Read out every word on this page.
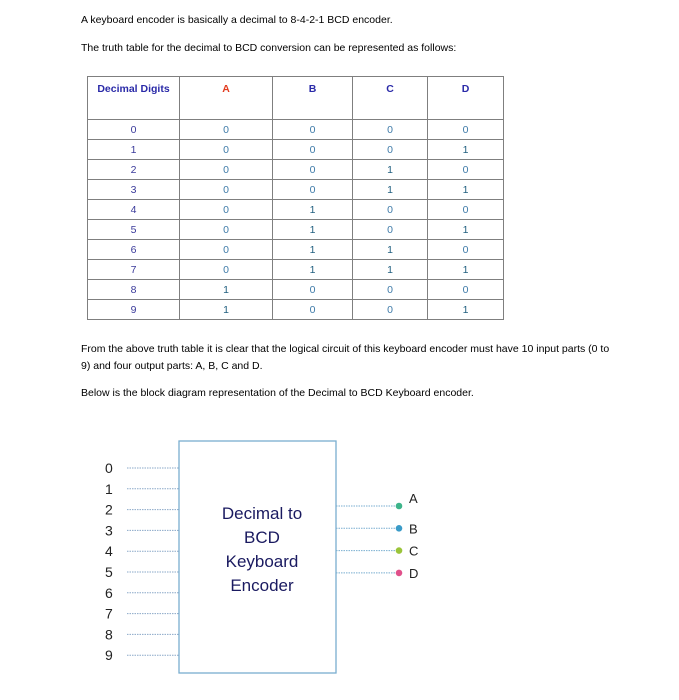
A keyboard encoder is basically a decimal to 8-4-2-1 BCD encoder.

The truth table for the decimal to BCD conversion can be represented as follows:

Decimal Digits	A	B	C	D
0	0	0	0	0
1	0	0	0	1
2	0	0	1	0
3	0	0	1	1
4	0	1	0	0
5	0	1	0	1
6	0	1	1	0
7	0	1	1	1
8	1	0	0	0
9	1	0	0	1

From the above truth table it is clear that the logical circuit of this keyboard encoder must have 10 input parts (0 to 9) and four output parts: A, B, C and D.

Below is the block diagram representation of the Decimal to BCD Keyboard encoder.

0
1
2
3
4
5
6
7
8
9
Decimal to
BCD
Keyboard
Encoder
A
B
C
D
